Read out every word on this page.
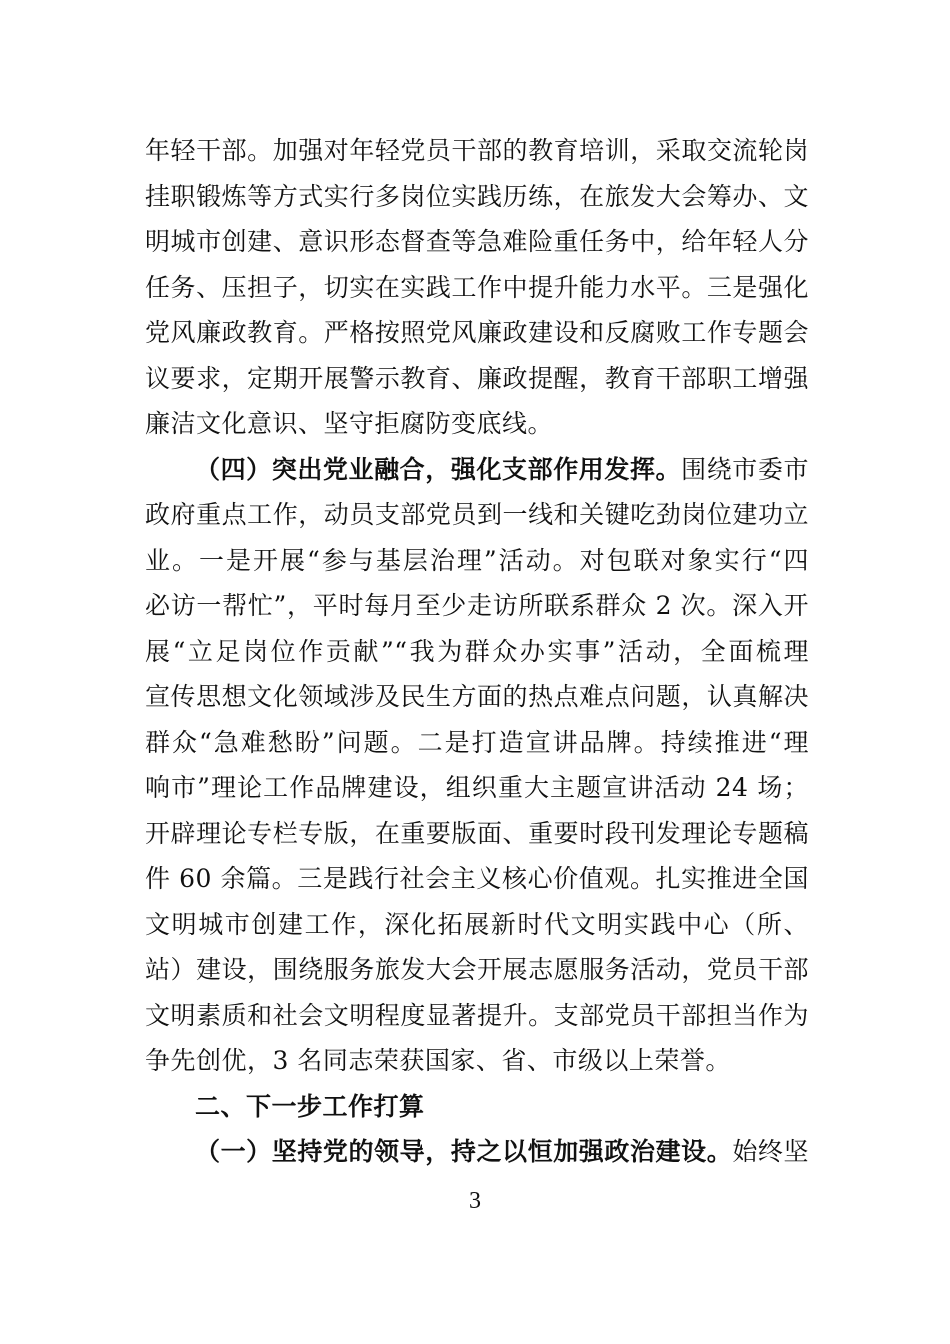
年轻干部。加强对年轻党员干部的教育培训，采取交流轮岗
挂职锻炼等方式实行多岗位实践历练，在旅发大会筹办、文
明城市创建、意识形态督查等急难险重任务中，给年轻人分
任务、压担子，切实在实践工作中提升能力水平。三是强化
党风廉政教育。严格按照党风廉政建设和反腐败工作专题会
议要求，定期开展警示教育、廉政提醒，教育干部职工增强
廉洁文化意识、坚守拒腐防变底线。
（四）突出党业融合，强化支部作用发挥。围绕市委市
政府重点工作，动员支部党员到一线和关键吃劲岗位建功立
业。一是开展“参与基层治理”活动。对包联对象实行“四
必访一帮忙”，平时每月至少走访所联系群众 2 次。深入开
展“立足岗位作贡献”“我为群众办实事”活动，全面梳理
宣传思想文化领域涉及民生方面的热点难点问题，认真解决
群众“急难愁盼”问题。二是打造宣讲品牌。持续推进“理
响市”理论工作品牌建设，组织重大主题宣讲活动 24 场；
开辟理论专栏专版，在重要版面、重要时段刊发理论专题稿
件 60 余篇。三是践行社会主义核心价值观。扎实推进全国
文明城市创建工作，深化拓展新时代文明实践中心（所、
站）建设，围绕服务旅发大会开展志愿服务活动，党员干部
文明素质和社会文明程度显著提升。支部党员干部担当作为
争先创优，3 名同志荣获国家、省、市级以上荣誉。
二、下一步工作打算
（一）坚持党的领导，持之以恒加强政治建设。始终坚
3
